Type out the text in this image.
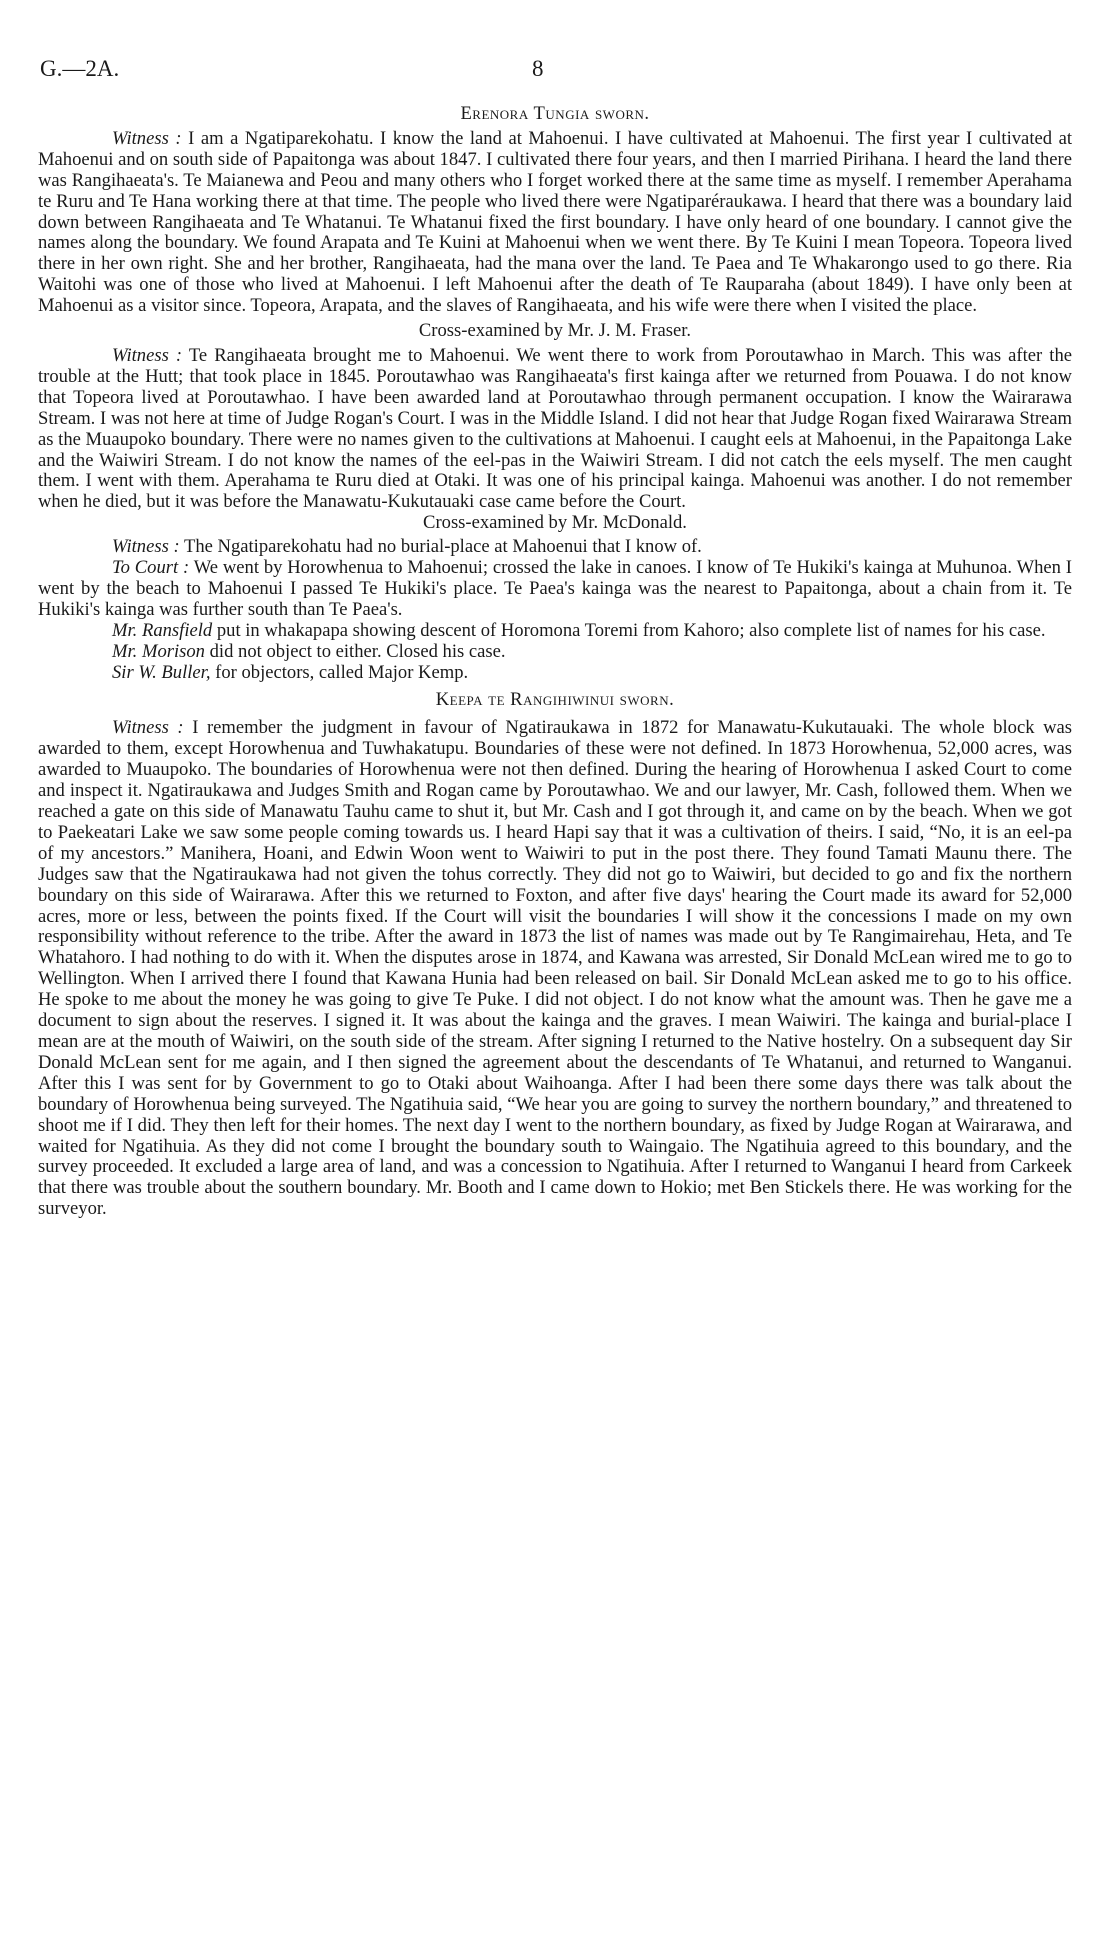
G.—2A.	8
Erenora Tungia sworn.

Witness : I am a Ngatiparekohatu. I know the land at Mahoenui. I have cultivated at Mahoenui. The first year I cultivated at Mahoenui and on south side of Papaitonga was about 1847. I cultivated there four years, and then I married Pirihana. I heard the land there was Rangihaeata's. Te Maianewa and Peou and many others who I forget worked there at the same time as myself. I remember Aperahama te Ruru and Te Hana working there at that time. The people who lived there were Ngatiparéraukawa. I heard that there was a boundary laid down between Rangihaeata and Te Whatanui. Te Whatanui fixed the first boundary. I have only heard of one boundary. I cannot give the names along the boundary. We found Arapata and Te Kuini at Mahoenui when we went there. By Te Kuini I mean Topeora. Topeora lived there in her own right. She and her brother, Rangihaeata, had the mana over the land. Te Paea and Te Whakarongo used to go there. Ria Waitohi was one of those who lived at Mahoenui. I left Mahoenui after the death of Te Rauparaha (about 1849). I have only been at Mahoenui as a visitor since. Topeora, Arapata, and the slaves of Rangihaeata, and his wife were there when I visited the place.

Cross-examined by Mr. J. M. Fraser.

Witness : Te Rangihaeata brought me to Mahoenui. We went there to work from Poroutawhao in March. This was after the trouble at the Hutt; that took place in 1845. Poroutawhao was Rangihaeata's first kainga after we returned from Pouawa. I do not know that Topeora lived at Poroutawhao. I have been awarded land at Poroutawhao through permanent occupation. I know the Wairarawa Stream. I was not here at time of Judge Rogan's Court. I was in the Middle Island. I did not hear that Judge Rogan fixed Wairarawa Stream as the Muaupoko boundary. There were no names given to the cultivations at Mahoenui. I caught eels at Mahoenui, in the Papaitonga Lake and the Waiwiri Stream. I do not know the names of the eel-pas in the Waiwiri Stream. I did not catch the eels myself. The men caught them. I went with them. Aperahama te Ruru died at Otaki. It was one of his principal kainga. Mahoenui was another. I do not remember when he died, but it was before the Manawatu-Kukutauaki case came before the Court.

Cross-examined by Mr. McDonald.

Witness : The Ngatiparekohatu had no burial-place at Mahoenui that I know of.

To Court : We went by Horowhenua to Mahoenui; crossed the lake in canoes. I know of Te Hukiki's kainga at Muhunoa. When I went by the beach to Mahoenui I passed Te Hukiki's place. Te Paea's kainga was the nearest to Papaitonga, about a chain from it. Te Hukiki's kainga was further south than Te Paea's.

Mr. Ransfield put in whakapapa showing descent of Horomona Toremi from Kahoro; also complete list of names for his case.

Mr. Morison did not object to either. Closed his case.

Sir W. Buller, for objectors, called Major Kemp.

Keepa te Rangihiwinui sworn.

Witness : I remember the judgment in favour of Ngatiraukawa in 1872 for Manawatu-Kukutauaki. The whole block was awarded to them, except Horowhenua and Tuwhakatupu. Boundaries of these were not defined. In 1873 Horowhenua, 52,000 acres, was awarded to Muaupoko. The boundaries of Horowhenua were not then defined. During the hearing of Horowhenua I asked Court to come and inspect it. Ngatiraukawa and Judges Smith and Rogan came by Poroutawhao. We and our lawyer, Mr. Cash, followed them. When we reached a gate on this side of Manawatu Tauhu came to shut it, but Mr. Cash and I got through it, and came on by the beach. When we got to Paekeatari Lake we saw some people coming towards us. I heard Hapi say that it was a cultivation of theirs. I said, “No, it is an eel-pa of my ancestors.” Manihera, Hoani, and Edwin Woon went to Waiwiri to put in the post there. They found Tamati Maunu there. The Judges saw that the Ngatiraukawa had not given the tohus correctly. They did not go to Waiwiri, but decided to go and fix the northern boundary on this side of Wairarawa. After this we returned to Foxton, and after five days' hearing the Court made its award for 52,000 acres, more or less, between the points fixed. If the Court will visit the boundaries I will show it the concessions I made on my own responsibility without reference to the tribe. After the award in 1873 the list of names was made out by Te Rangimairehau, Heta, and Te Whatahoro. I had nothing to do with it. When the disputes arose in 1874, and Kawana was arrested, Sir Donald McLean wired me to go to Wellington. When I arrived there I found that Kawana Hunia had been released on bail. Sir Donald McLean asked me to go to his office. He spoke to me about the money he was going to give Te Puke. I did not object. I do not know what the amount was. Then he gave me a document to sign about the reserves. I signed it. It was about the kainga and the graves. I mean Waiwiri. The kainga and burial-place I mean are at the mouth of Waiwiri, on the south side of the stream. After signing I returned to the Native hostelry. On a subsequent day Sir Donald McLean sent for me again, and I then signed the agreement about the descendants of Te Whatanui, and returned to Wanganui. After this I was sent for by Government to go to Otaki about Waihoanga. After I had been there some days there was talk about the boundary of Horowhenua being surveyed. The Ngatihuia said, “We hear you are going to survey the northern boundary,” and threatened to shoot me if I did. They then left for their homes. The next day I went to the northern boundary, as fixed by Judge Rogan at Wairarawa, and waited for Ngatihuia. As they did not come I brought the boundary south to Waingaio. The Ngatihuia agreed to this boundary, and the survey proceeded. It excluded a large area of land, and was a concession to Ngatihuia. After I returned to Wanganui I heard from Carkeek that there was trouble about the southern boundary. Mr. Booth and I came down to Hokio; met Ben Stickels there. He was working for the surveyor.
